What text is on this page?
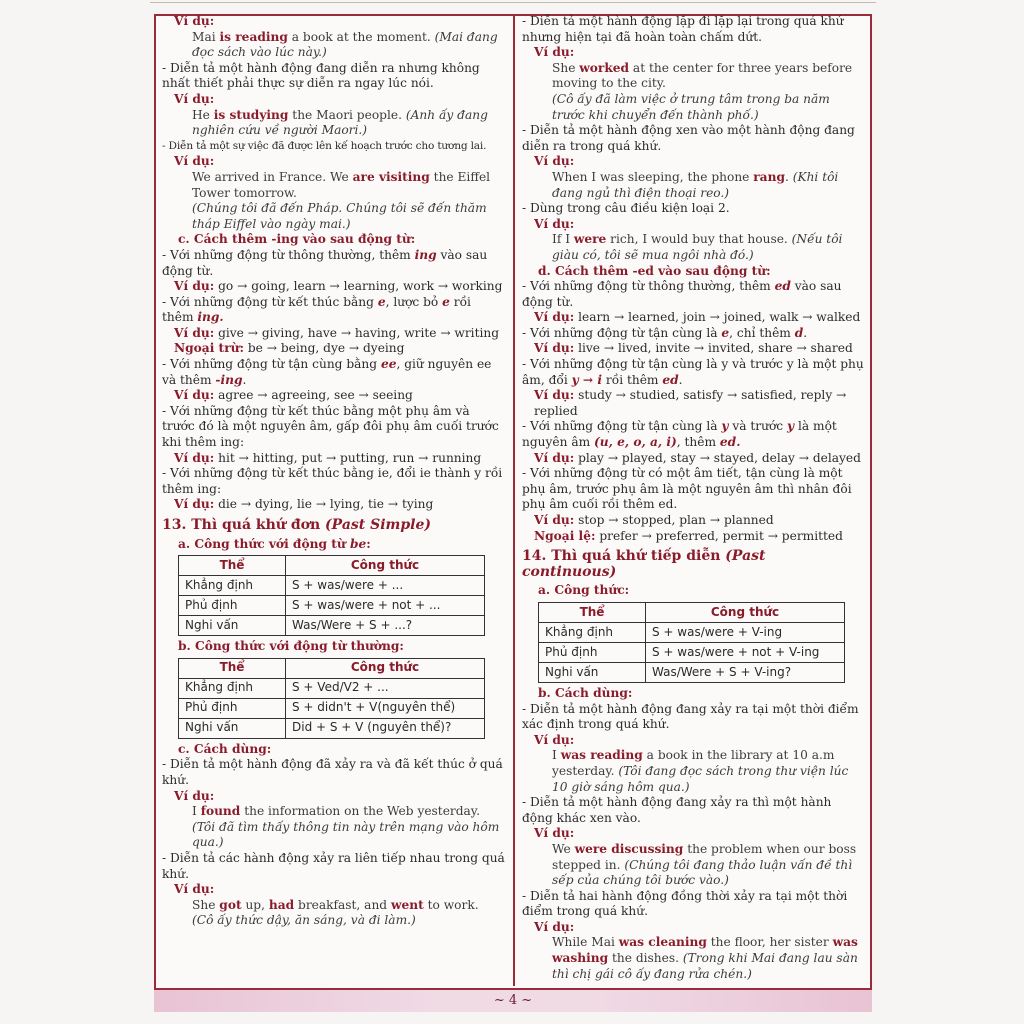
Ví dụ:
Mai is reading a book at the moment. (Mai đang đọc sách vào lúc này.)
- Diễn tả một hành động đang diễn ra nhưng không nhất thiết phải thực sự diễn ra ngay lúc nói.
Ví dụ:
He is studying the Maori people. (Anh ấy đang nghiên cứu về người Maori.)
- Diễn tả một sự việc đã được lên kế hoạch trước cho tương lai.
Ví dụ:
We arrived in France. We are visiting the Eiffel Tower tomorrow.
(Chúng tôi đã đến Pháp. Chúng tôi sẽ đến thăm tháp Eiffel vào ngày mai.)
c. Cách thêm -ing vào sau động từ:
- Với những động từ thông thường, thêm ing vào sau động từ.
Ví dụ: go → going, learn → learning, work → working
- Với những động từ kết thúc bằng e, lược bỏ e rồi thêm ing.
Ví dụ: give → giving, have → having, write → writing
Ngoại trừ: be → being, dye → dyeing
- Với những động từ tận cùng bằng ee, giữ nguyên ee và thêm -ing.
Ví dụ: agree → agreeing, see → seeing
- Với những động từ kết thúc bằng một phụ âm và trước đó là một nguyên âm, gấp đôi phụ âm cuối trước khi thêm ing:
Ví dụ: hit → hitting, put → putting, run → running
- Với những động từ kết thúc bằng ie, đổi ie thành y rồi thêm ing:
Ví dụ: die → dying, lie → lying, tie → tying
13. Thì quá khứ đơn (Past Simple)
a. Công thức với động từ be:
Thể	Công thức
Khẳng định	S + was/were + ...
Phủ định	S + was/were + not + ...
Nghi vấn	Was/Were + S + ...?
b. Công thức với động từ thường:
Thể	Công thức
Khẳng định	S + Ved/V2 + ...
Phủ định	S + didn't + V(nguyên thể)
Nghi vấn	Did + S + V (nguyên thể)?
c. Cách dùng:
- Diễn tả một hành động đã xảy ra và đã kết thúc ở quá khứ.
Ví dụ:
I found the information on the Web yesterday.
(Tôi đã tìm thấy thông tin này trên mạng vào hôm qua.)
- Diễn tả các hành động xảy ra liên tiếp nhau trong quá khứ.
Ví dụ:
She got up, had breakfast, and went to work.
(Cô ấy thức dậy, ăn sáng, và đi làm.)
- Diễn tả một hành động lặp đi lặp lại trong quá khứ nhưng hiện tại đã hoàn toàn chấm dứt.
Ví dụ:
She worked at the center for three years before moving to the city.
(Cô ấy đã làm việc ở trung tâm trong ba năm trước khi chuyển đến thành phố.)
- Diễn tả một hành động xen vào một hành động đang diễn ra trong quá khứ.
Ví dụ:
When I was sleeping, the phone rang. (Khi tôi đang ngủ thì điện thoại reo.)
- Dùng trong câu điều kiện loại 2.
Ví dụ:
If I were rich, I would buy that house. (Nếu tôi giàu có, tôi sẽ mua ngôi nhà đó.)
d. Cách thêm -ed vào sau động từ:
- Với những động từ thông thường, thêm ed vào sau động từ.
Ví dụ: learn → learned, join → joined, walk → walked
- Với những động từ tận cùng là e, chỉ thêm d.
Ví dụ: live → lived, invite → invited, share → shared
- Với những động từ tận cùng là y và trước y là một phụ âm, đổi y → i rồi thêm ed.
Ví dụ: study → studied, satisfy → satisfied, reply → replied
- Với những động từ tận cùng là y và trước y là một nguyên âm (u, e, o, a, i), thêm ed.
Ví dụ: play → played, stay → stayed, delay → delayed
- Với những động từ có một âm tiết, tận cùng là một phụ âm, trước phụ âm là một nguyên âm thì nhân đôi phụ âm cuối rồi thêm ed.
Ví dụ: stop → stopped, plan → planned
Ngoại lệ: prefer → preferred, permit → permitted
14. Thì quá khứ tiếp diễn (Past continuous)
a. Công thức:
Thể	Công thức
Khẳng định	S + was/were + V-ing
Phủ định	S + was/were + not + V-ing
Nghi vấn	Was/Were + S + V-ing?
b. Cách dùng:
- Diễn tả một hành động đang xảy ra tại một thời điểm xác định trong quá khứ.
Ví dụ:
I was reading a book in the library at 10 a.m yesterday. (Tôi đang đọc sách trong thư viện lúc 10 giờ sáng hôm qua.)
- Diễn tả một hành động đang xảy ra thì một hành động khác xen vào.
Ví dụ:
We were discussing the problem when our boss stepped in. (Chúng tôi đang thảo luận vấn đề thì sếp của chúng tôi bước vào.)
- Diễn tả hai hành động đồng thời xảy ra tại một thời điểm trong quá khứ.
Ví dụ:
While Mai was cleaning the floor, her sister was washing the dishes. (Trong khi Mai đang lau sàn thì chị gái cô ấy đang rửa chén.)
~ 4 ~
